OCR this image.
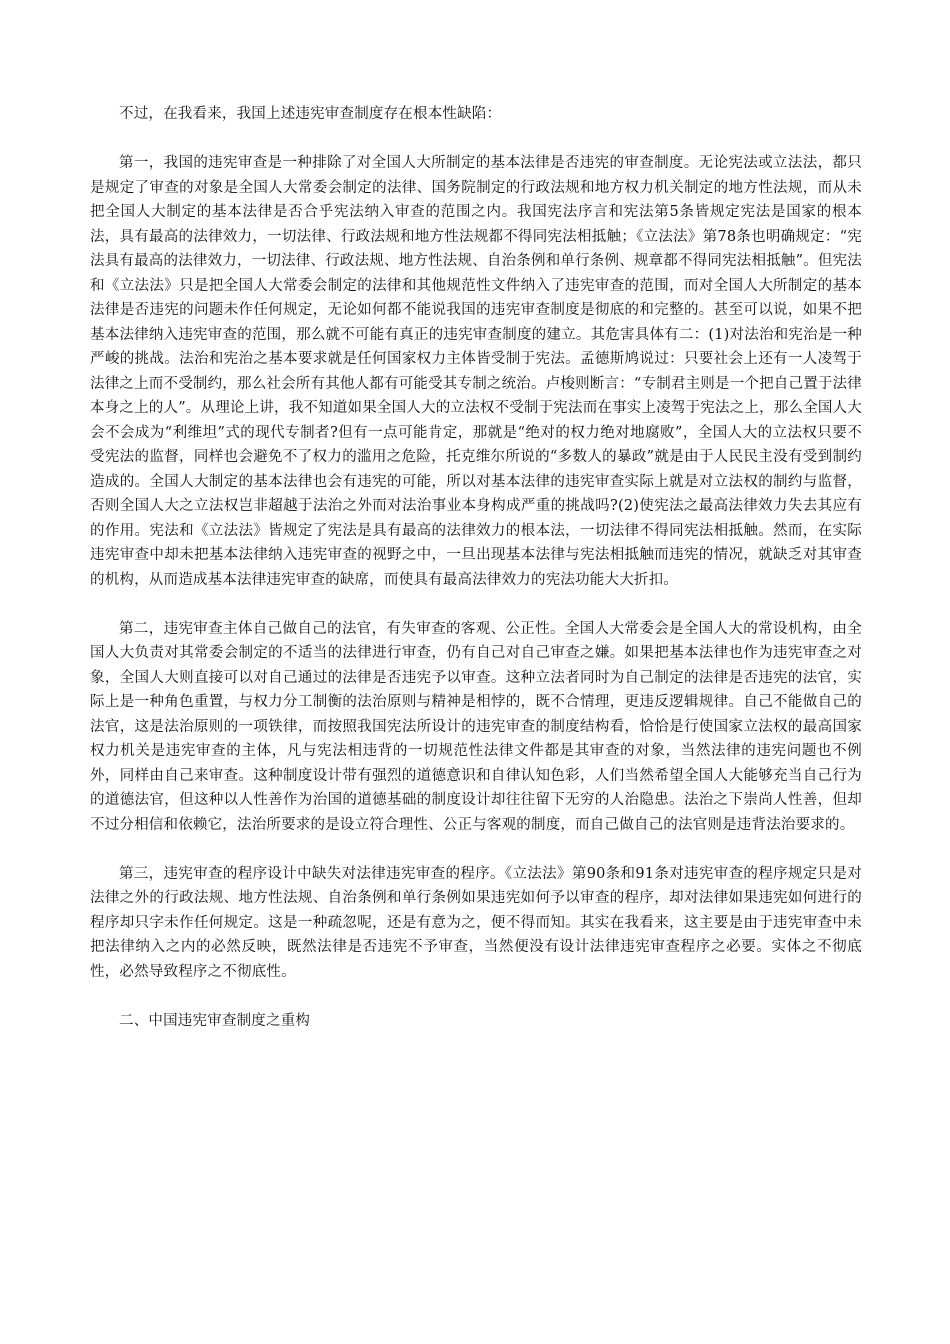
不过，在我看来，我国上述违宪审查制度存在根本性缺陷：

第一，我国的违宪审查是一种排除了对全国人大所制定的基本法律是否违宪的审查制度。无论宪法或立法法，都只是规定了审查的对象是全国人大常委会制定的法律、国务院制定的行政法规和地方权力机关制定的地方性法规，而从未把全国人大制定的基本法律是否合乎宪法纳入审查的范围之内。我国宪法序言和宪法第5条皆规定宪法是国家的根本法，具有最高的法律效力，一切法律、行政法规和地方性法规都不得同宪法相抵触；《立法法》第78条也明确规定：“宪法具有最高的法律效力，一切法律、行政法规、地方性法规、自治条例和单行条例、规章都不得同宪法相抵触”。但宪法和《立法法》只是把全国人大常委会制定的法律和其他规范性文件纳入了违宪审查的范围，而对全国人大所制定的基本法律是否违宪的问题未作任何规定，无论如何都不能说我国的违宪审查制度是彻底的和完整的。甚至可以说，如果不把基本法律纳入违宪审查的范围，那么就不可能有真正的违宪审查制度的建立。其危害具体有二：(1)对法治和宪治是一种严峻的挑战。法治和宪治之基本要求就是任何国家权力主体皆受制于宪法。孟德斯鸠说过：只要社会上还有一人凌驾于法律之上而不受制约，那么社会所有其他人都有可能受其专制之统治。卢梭则断言：“专制君主则是一个把自己置于法律本身之上的人”。从理论上讲，我不知道如果全国人大的立法权不受制于宪法而在事实上凌驾于宪法之上，那么全国人大会不会成为“利维坦”式的现代专制者?但有一点可能肯定，那就是“绝对的权力绝对地腐败”，全国人大的立法权只要不受宪法的监督，同样也会避免不了权力的滥用之危险，托克维尔所说的“多数人的暴政”就是由于人民民主没有受到制约造成的。全国人大制定的基本法律也会有违宪的可能，所以对基本法律的违宪审查实际上就是对立法权的制约与监督，否则全国人大之立法权岂非超越于法治之外而对法治事业本身构成严重的挑战吗?(2)使宪法之最高法律效力失去其应有的作用。宪法和《立法法》皆规定了宪法是具有最高的法律效力的根本法，一切法律不得同宪法相抵触。然而，在实际违宪审查中却未把基本法律纳入违宪审查的视野之中，一旦出现基本法律与宪法相抵触而违宪的情况，就缺乏对其审查的机构，从而造成基本法律违宪审查的缺席，而使具有最高法律效力的宪法功能大大折扣。

第二，违宪审查主体自己做自己的法官，有失审查的客观、公正性。全国人大常委会是全国人大的常设机构，由全国人大负责对其常委会制定的不适当的法律进行审查，仍有自己对自己审查之嫌。如果把基本法律也作为违宪审查之对象，全国人大则直接可以对自己通过的法律是否违宪予以审查。这种立法者同时为自己制定的法律是否违宪的法官，实际上是一种角色重置，与权力分工制衡的法治原则与精神是相悖的，既不合情理，更违反逻辑规律。自己不能做自己的法官，这是法治原则的一项铁律，而按照我国宪法所设计的违宪审查的制度结构看，恰恰是行使国家立法权的最高国家权力机关是违宪审查的主体，凡与宪法相违背的一切规范性法律文件都是其审查的对象，当然法律的违宪问题也不例外，同样由自己来审查。这种制度设计带有强烈的道德意识和自律认知色彩，人们当然希望全国人大能够充当自己行为的道德法官，但这种以人性善作为治国的道德基础的制度设计却往往留下无穷的人治隐患。法治之下崇尚人性善，但却不过分相信和依赖它，法治所要求的是设立符合理性、公正与客观的制度，而自己做自己的法官则是违背法治要求的。

第三，违宪审查的程序设计中缺失对法律违宪审查的程序。《立法法》第90条和91条对违宪审查的程序规定只是对法律之外的行政法规、地方性法规、自治条例和单行条例如果违宪如何予以审查的程序，却对法律如果违宪如何进行的程序却只字未作任何规定。这是一种疏忽呢，还是有意为之，便不得而知。其实在我看来，这主要是由于违宪审查中未把法律纳入之内的必然反映，既然法律是否违宪不予审查，当然便没有设计法律违宪审查程序之必要。实体之不彻底性，必然导致程序之不彻底性。

二、中国违宪审查制度之重构
